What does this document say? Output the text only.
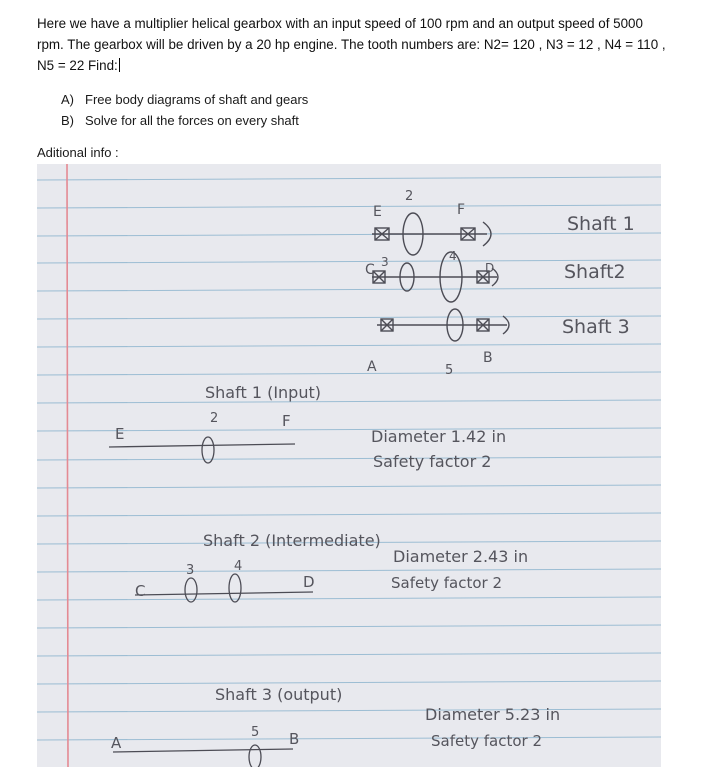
Here we have a multiplier helical gearbox with an input speed of 100 rpm and an output speed of 5000 rpm. The gearbox will be driven by a 20 hp engine. The tooth numbers are: N2= 120 , N3 = 12 , N4 = 110 , N5 = 22 Find:
A) Free body diagrams of shaft and gears
B) Solve for all the forces on every shaft
Aditional info :
E
2
F
C 3	4
D
A	5
B
Shaft 1
Shaft2
Shaft 3
Shaft 1 (Input)
E
2	F
Diameter 1.42 in
Safety factor 2
Shaft 2 (Intermediate)
C
3	4
D
Diameter 2.43 in
Safety factor 2
Shaft 3 (output)
A
5 B
Diameter 5.23 in
Safety factor 2
